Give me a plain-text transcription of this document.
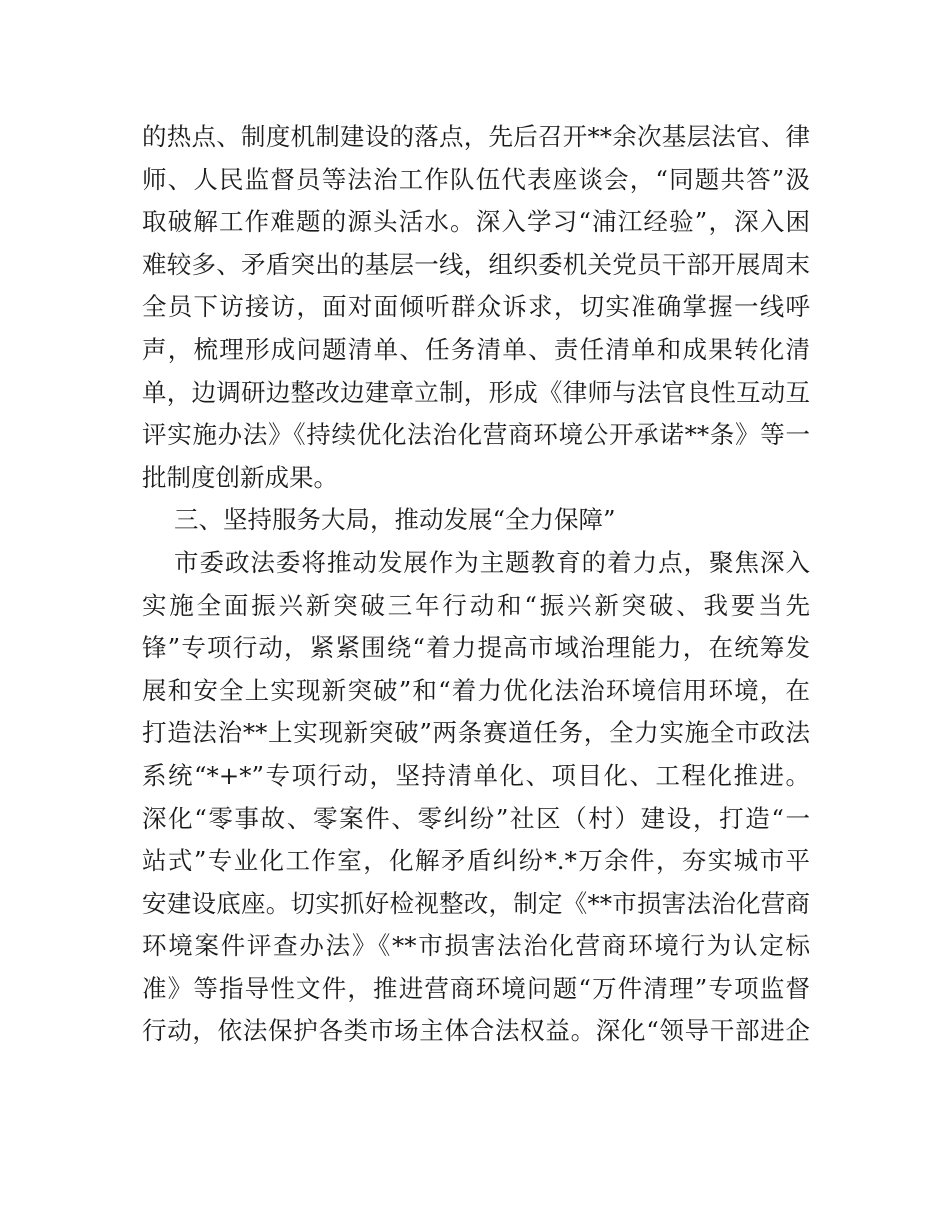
的热点、制度机制建设的落点，先后召开**余次基层法官、律
师、人民监督员等法治工作队伍代表座谈会，“同题共答”汲
取破解工作难题的源头活水。深入学习“浦江经验”，深入困
难较多、矛盾突出的基层一线，组织委机关党员干部开展周末
全员下访接访，面对面倾听群众诉求，切实准确掌握一线呼
声，梳理形成问题清单、任务清单、责任清单和成果转化清
单，边调研边整改边建章立制，形成《律师与法官良性互动互
评实施办法》《持续优化法治化营商环境公开承诺**条》等一
批制度创新成果。
三、坚持服务大局，推动发展“全力保障”
市委政法委将推动发展作为主题教育的着力点，聚焦深入
实施全面振兴新突破三年行动和“振兴新突破、我要当先
锋”专项行动，紧紧围绕“着力提高市域治理能力，在统筹发
展和安全上实现新突破”和“着力优化法治环境信用环境，在
打造法治**上实现新突破”两条赛道任务，全力实施全市政法
系统“*+*”专项行动，坚持清单化、项目化、工程化推进。
深化“零事故、零案件、零纠纷”社区（村）建设，打造“一
站式”专业化工作室，化解矛盾纠纷*.*万余件，夯实城市平
安建设底座。切实抓好检视整改，制定《**市损害法治化营商
环境案件评查办法》《**市损害法治化营商环境行为认定标
准》等指导性文件，推进营商环境问题“万件清理”专项监督
行动，依法保护各类市场主体合法权益。深化“领导干部进企
